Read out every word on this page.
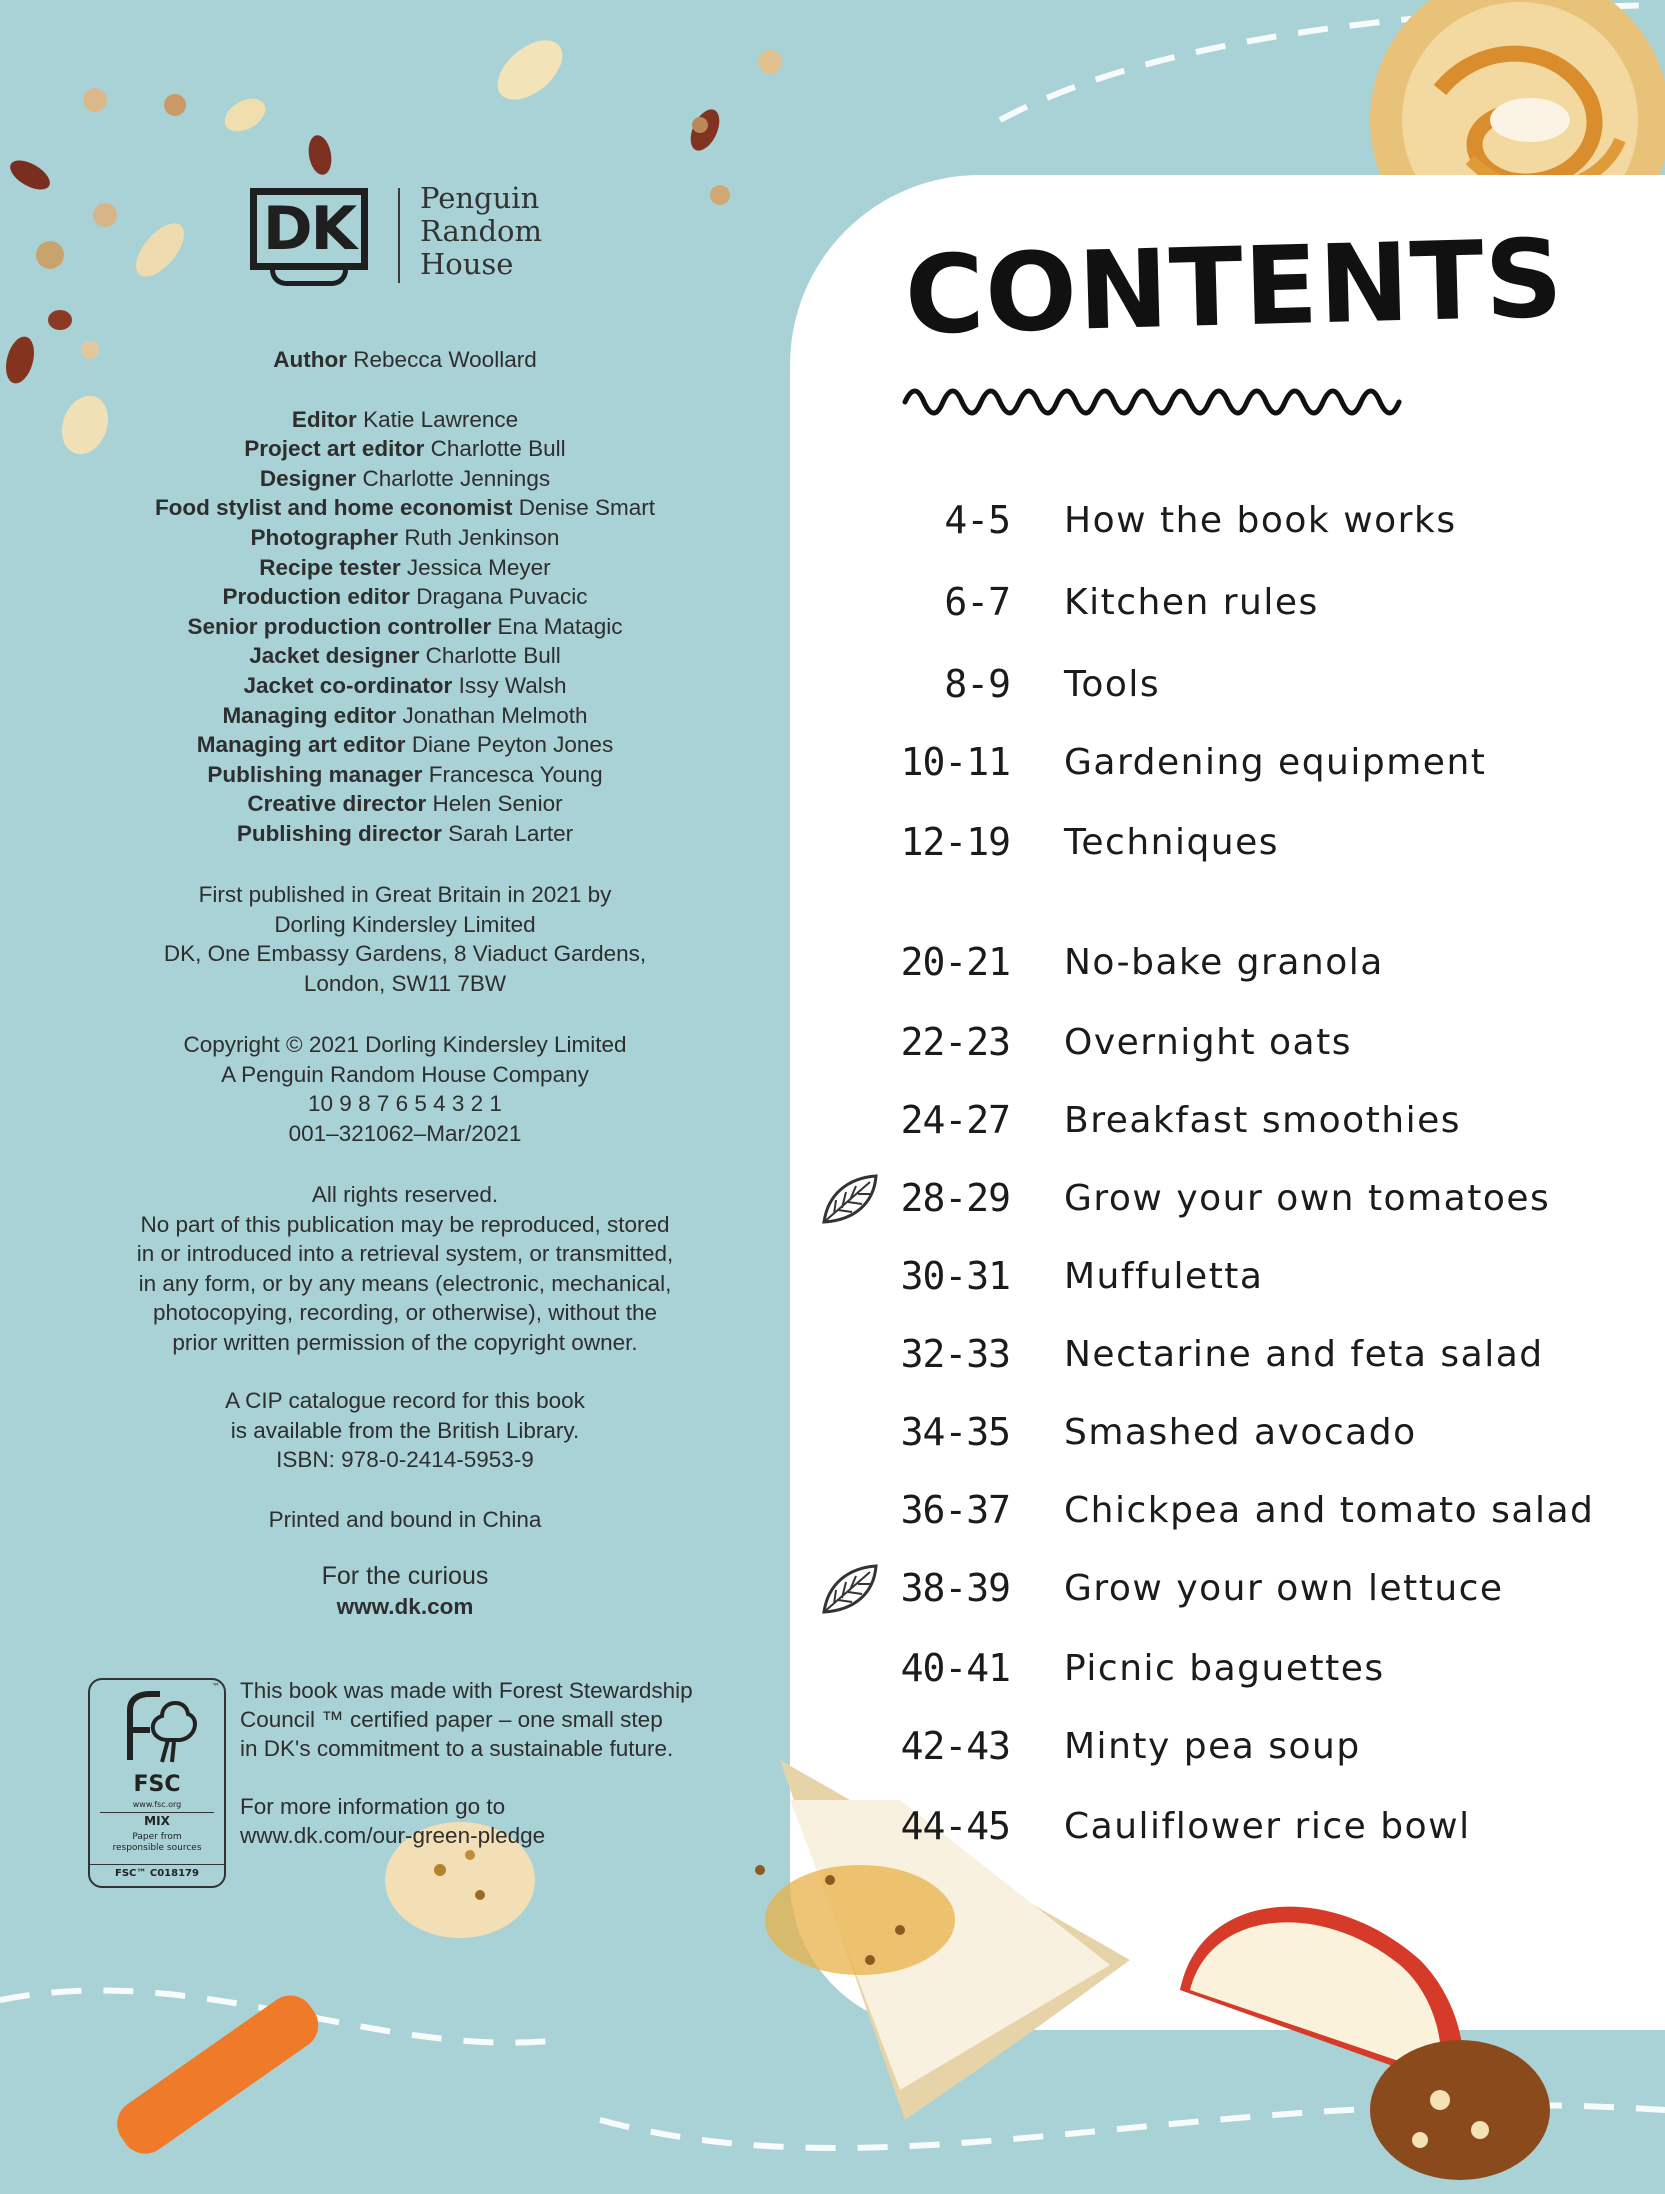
DK	Penguin
Random
House
Author Rebecca Woollard
Editor Katie Lawrence
Project art editor Charlotte Bull
Designer Charlotte Jennings
Food stylist and home economist Denise Smart
Photographer Ruth Jenkinson
Recipe tester Jessica Meyer
Production editor Dragana Puvacic
Senior production controller Ena Matagic
Jacket designer Charlotte Bull
Jacket co-ordinator Issy Walsh
Managing editor Jonathan Melmoth
Managing art editor Diane Peyton Jones
Publishing manager Francesca Young
Creative director Helen Senior
Publishing director Sarah Larter
First published in Great Britain in 2021 by
Dorling Kindersley Limited
DK, One Embassy Gardens, 8 Viaduct Gardens,
London, SW11 7BW
Copyright © 2021 Dorling Kindersley Limited
A Penguin Random House Company
10 9 8 7 6 5 4 3 2 1
001–321062–Mar/2021
All rights reserved.
No part of this publication may be reproduced, stored
in or introduced into a retrieval system, or transmitted,
in any form, or by any means (electronic, mechanical,
photocopying, recording, or otherwise), without the
prior written permission of the copyright owner.
A CIP catalogue record for this book
is available from the British Library.
ISBN: 978-0-2414-5953-9
Printed and bound in China
For the curious
www.dk.com
™
FSC
www.fsc.org
MIX
Paper from
responsible sources
FSC™ C018179
This book was made with Forest Stewardship
Council ™ certified paper – one small step
in DK's commitment to a sustainable future.
For more information go to
www.dk.com/our-green-pledge
CONTENTS
4-5 How the book works
6-7 Kitchen rules
8-9 Tools
10-11 Gardening equipment
12-19 Techniques
20-21 No-bake granola
22-23 Overnight oats
24-27 Breakfast smoothies
28-29 Grow your own tomatoes
30-31 Muffuletta
32-33 Nectarine and feta salad
34-35 Smashed avocado
36-37 Chickpea and tomato salad
38-39 Grow your own lettuce
40-41 Picnic baguettes
42-43 Minty pea soup
44-45 Cauliflower rice bowl
